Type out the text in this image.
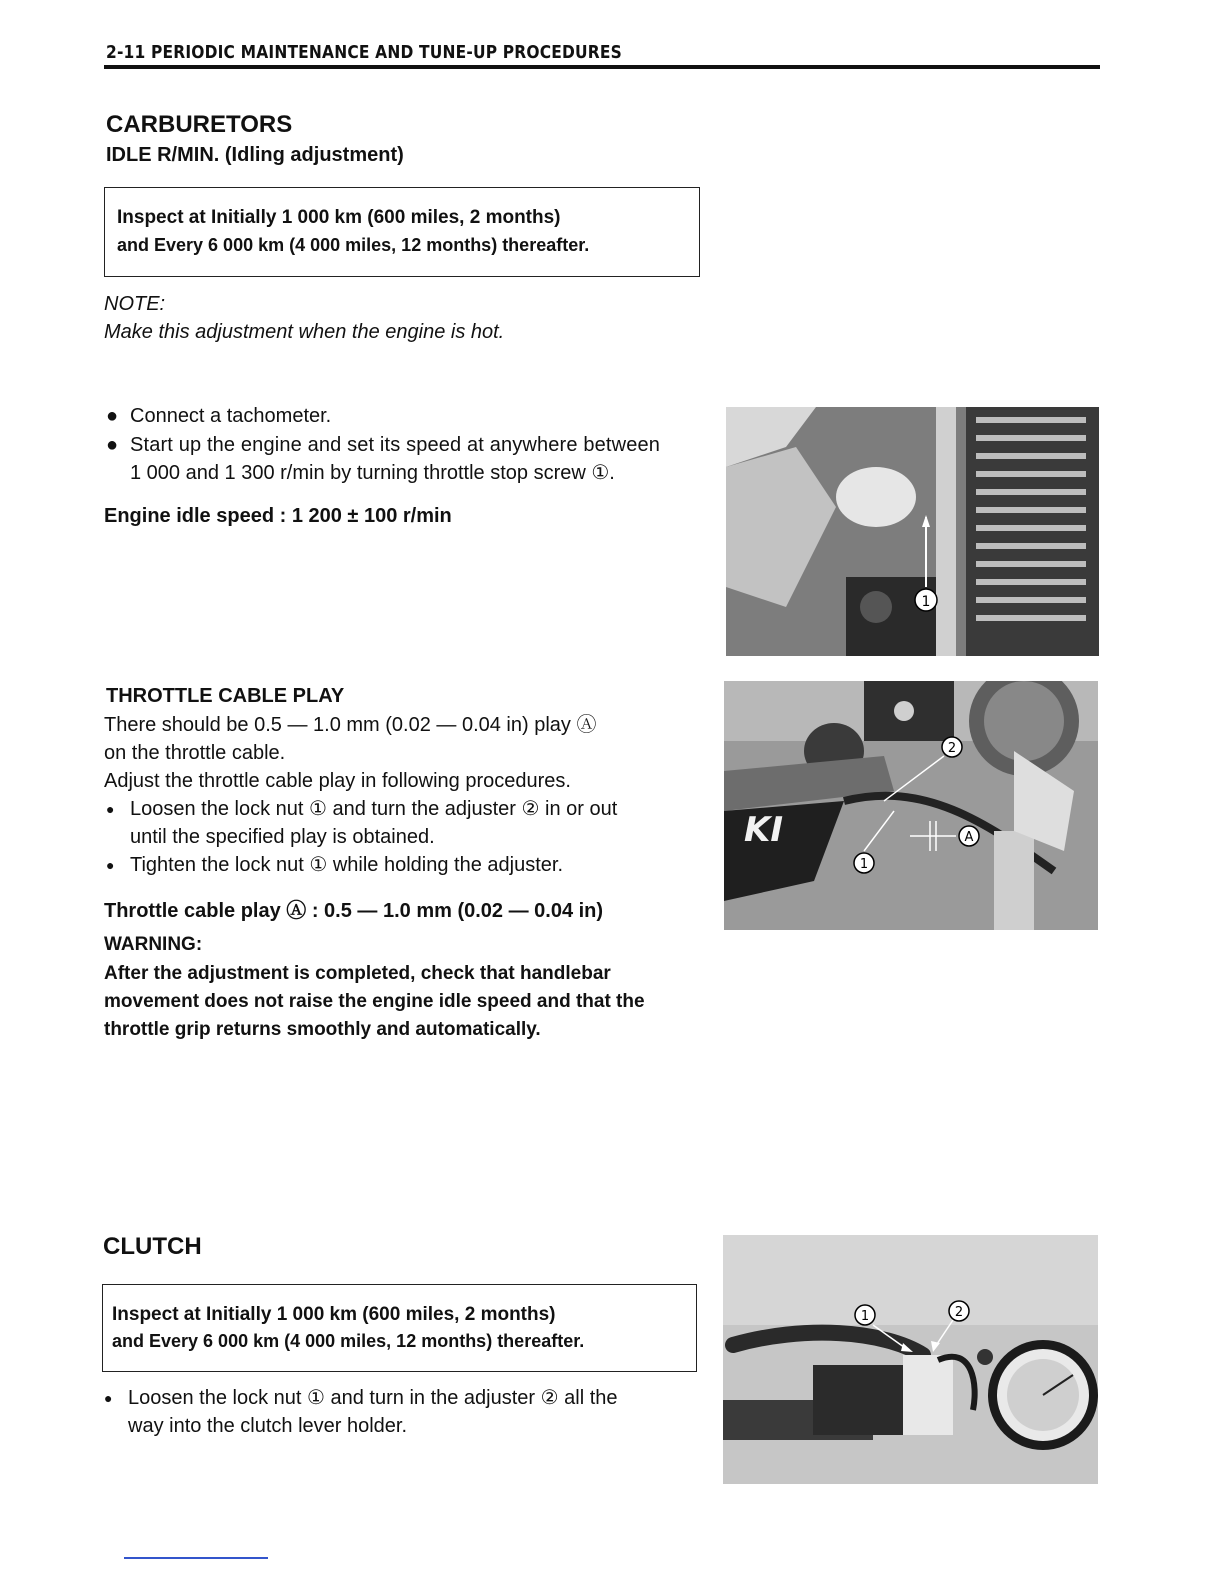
2-11 PERIODIC MAINTENANCE AND TUNE-UP PROCEDURES
CARBURETORS
IDLE R/MIN. (Idling adjustment)
Inspect at Initially 1 000 km (600 miles, 2 months)
and Every 6 000 km (4 000 miles, 12 months) thereafter.
NOTE:
Make this adjustment when the engine is hot.
● Connect a tachometer.
● Start up the engine and set its speed at anywhere between
1 000 and 1 300 r/min by turning throttle stop screw ①.
Engine idle speed : 1 200 ± 100 r/min
1
THROTTLE CABLE PLAY
There should be 0.5 — 1.0 mm (0.02 — 0.04 in) play Ⓐ
on the throttle cable.
Adjust the throttle cable play in following procedures.
● Loosen the lock nut ① and turn the adjuster ② in or out
until the specified play is obtained.
● Tighten the lock nut ① while holding the adjuster.
Throttle cable play Ⓐ : 0.5 — 1.0 mm (0.02 — 0.04 in)
WARNING:
After the adjustment is completed, check that handlebar
movement does not raise the engine idle speed and that the
throttle grip returns smoothly and automatically.
KI
2
A
1
CLUTCH
Inspect at Initially 1 000 km (600 miles, 2 months)
and Every 6 000 km (4 000 miles, 12 months) thereafter.
● Loosen the lock nut ① and turn in the adjuster ② all the
way into the clutch lever holder.
1	2
